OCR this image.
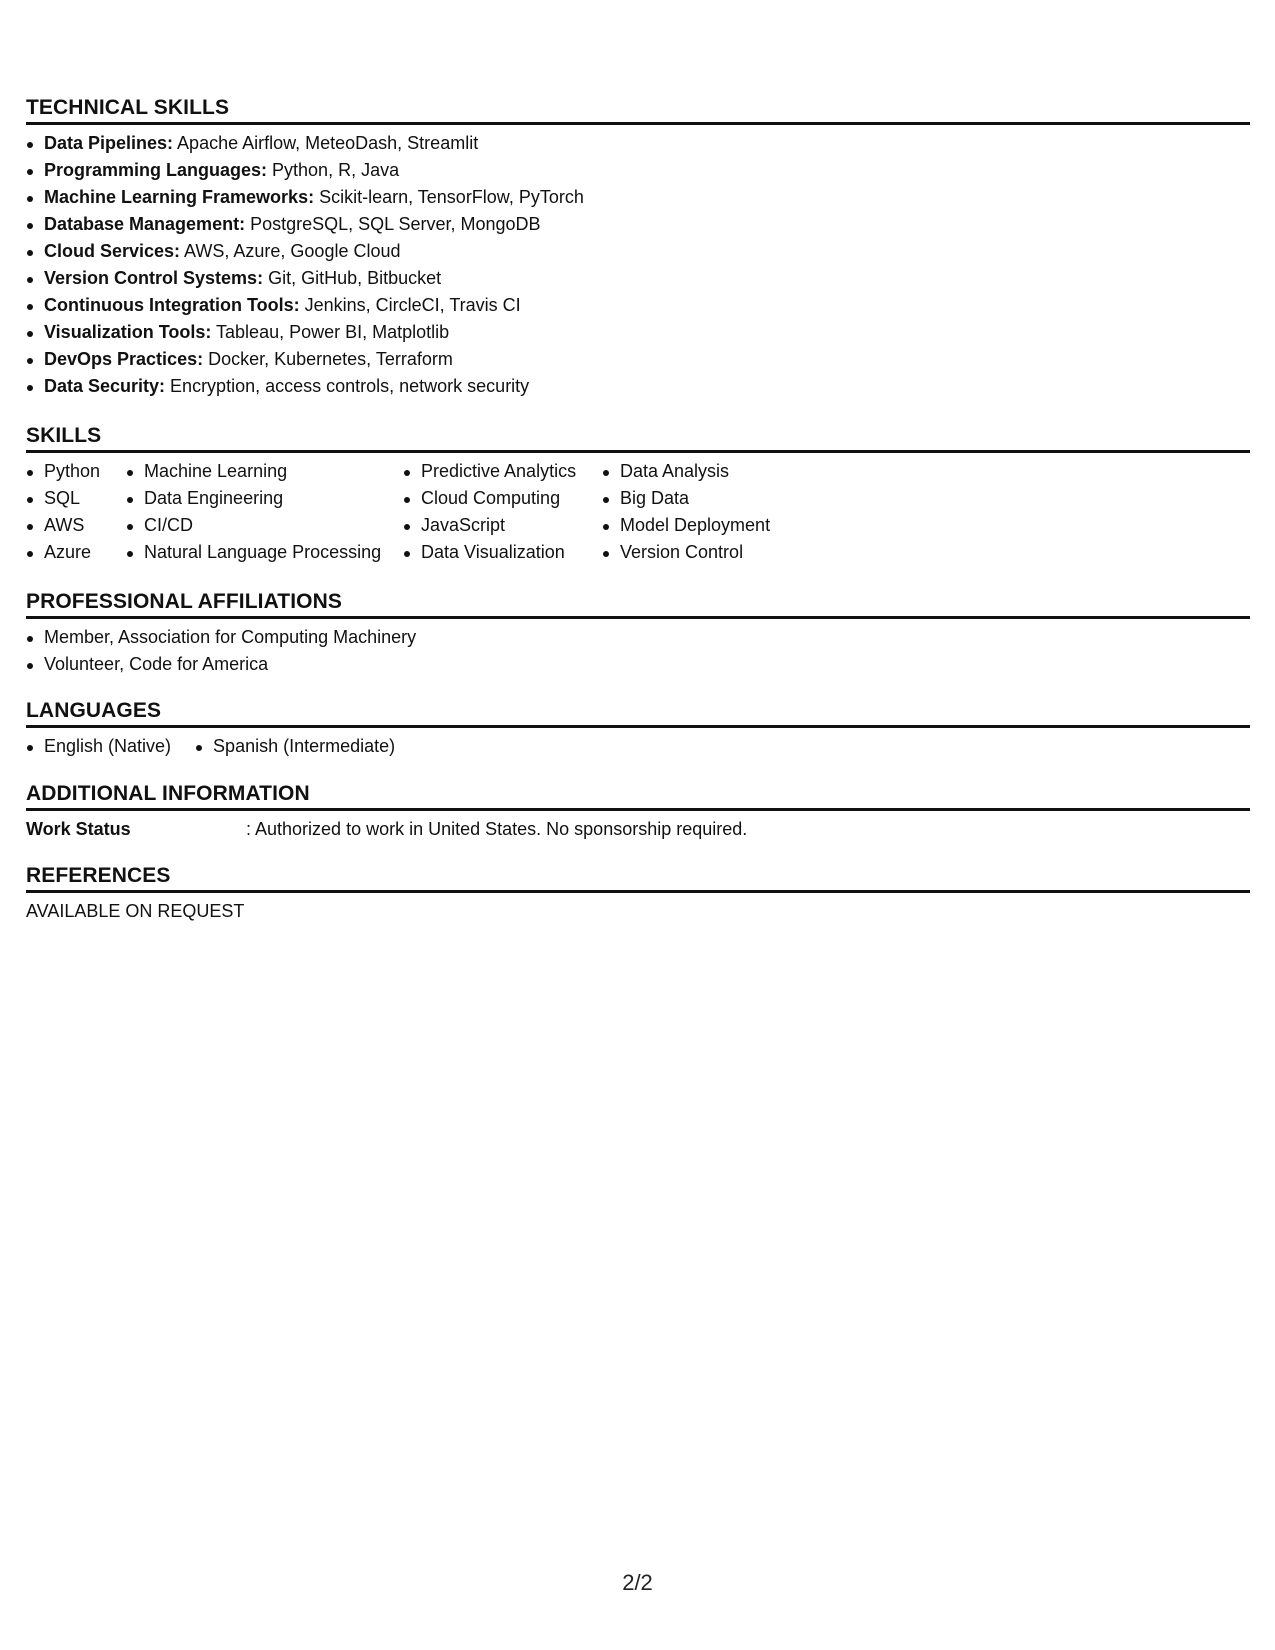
TECHNICAL SKILLS
Data Pipelines: Apache Airflow, MeteoDash, Streamlit
Programming Languages: Python, R, Java
Machine Learning Frameworks: Scikit-learn, TensorFlow, PyTorch
Database Management: PostgreSQL, SQL Server, MongoDB
Cloud Services: AWS, Azure, Google Cloud
Version Control Systems: Git, GitHub, Bitbucket
Continuous Integration Tools: Jenkins, CircleCI, Travis CI
Visualization Tools: Tableau, Power BI, Matplotlib
DevOps Practices: Docker, Kubernetes, Terraform
Data Security: Encryption, access controls, network security
SKILLS
Python
SQL
AWS
Azure
Machine Learning
Data Engineering
CI/CD
Natural Language Processing
Predictive Analytics
Cloud Computing
JavaScript
Data Visualization
Data Analysis
Big Data
Model Deployment
Version Control
PROFESSIONAL AFFILIATIONS
Member, Association for Computing Machinery
Volunteer, Code for America
LANGUAGES
English (Native)	Spanish (Intermediate)
ADDITIONAL INFORMATION
Work Status	: Authorized to work in United States. No sponsorship required.
REFERENCES
AVAILABLE ON REQUEST
2/2
